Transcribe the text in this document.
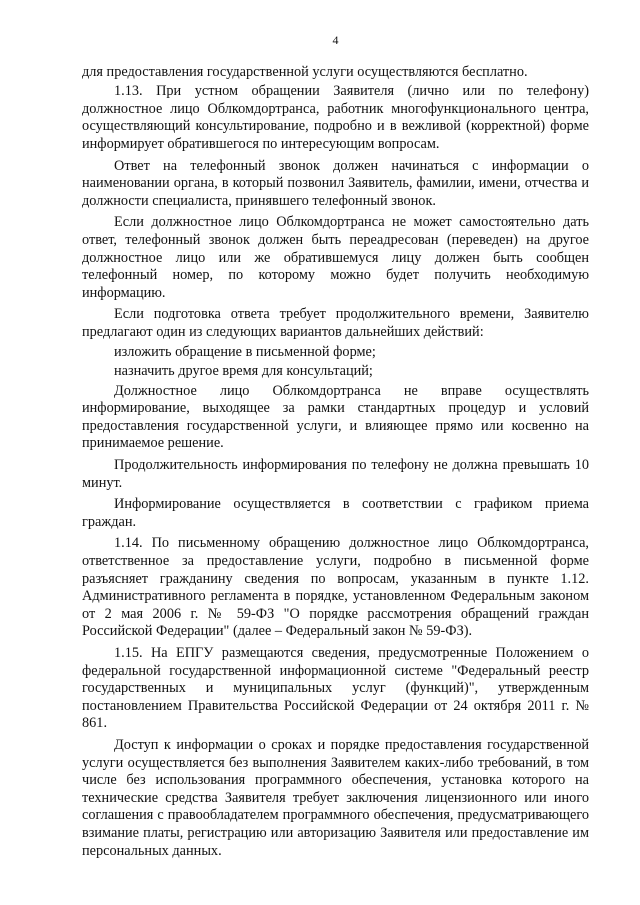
4

для предоставления государственной услуги осуществляются бесплатно.

1.13. При устном обращении Заявителя (лично или по телефону) должностное лицо Облкомдортранса, работник многофункционального центра, осуществляющий консультирование, подробно и в вежливой (корректной) форме информирует обратившегося по интересующим вопросам.

Ответ на телефонный звонок должен начинаться с информации о наименовании органа, в который позвонил Заявитель, фамилии, имени, отчества и должности специалиста, принявшего телефонный звонок.

Если должностное лицо Облкомдортранса не может самостоятельно дать ответ, телефонный звонок должен быть переадресован (переведен) на другое должностное лицо или же обратившемуся лицу должен быть сообщен телефонный номер, по которому можно будет получить необходимую информацию.

Если подготовка ответа требует продолжительного времени, Заявителю предлагают один из следующих вариантов дальнейших действий:

изложить обращение в письменной форме;

назначить другое время для консультаций;

Должностное лицо Облкомдортранса не вправе осуществлять информирование, выходящее за рамки стандартных процедур и условий предоставления государственной услуги, и влияющее прямо или косвенно на принимаемое решение.

Продолжительность информирования по телефону не должна превышать 10 минут.

Информирование осуществляется в соответствии с графиком приема граждан.

1.14. По письменному обращению должностное лицо Облкомдортранса, ответственное за предоставление услуги, подробно в письменной форме разъясняет гражданину сведения по вопросам, указанным в пункте 1.12. Административного регламента в порядке, установленном Федеральным законом от 2 мая 2006 г. № 59-ФЗ "О порядке рассмотрения обращений граждан Российской Федерации" (далее – Федеральный закон № 59-ФЗ).

1.15. На ЕПГУ размещаются сведения, предусмотренные Положением о федеральной государственной информационной системе "Федеральный реестр государственных и муниципальных услуг (функций)", утвержденным постановлением Правительства Российской Федерации от 24 октября 2011 г. № 861.

Доступ к информации о сроках и порядке предоставления государственной услуги осуществляется без выполнения Заявителем каких-либо требований, в том числе без использования программного обеспечения, установка которого на технические средства Заявителя требует заключения лицензионного или иного соглашения с правообладателем программного обеспечения, предусматривающего взимание платы, регистрацию или авторизацию Заявителя или предоставление им персональных данных.
